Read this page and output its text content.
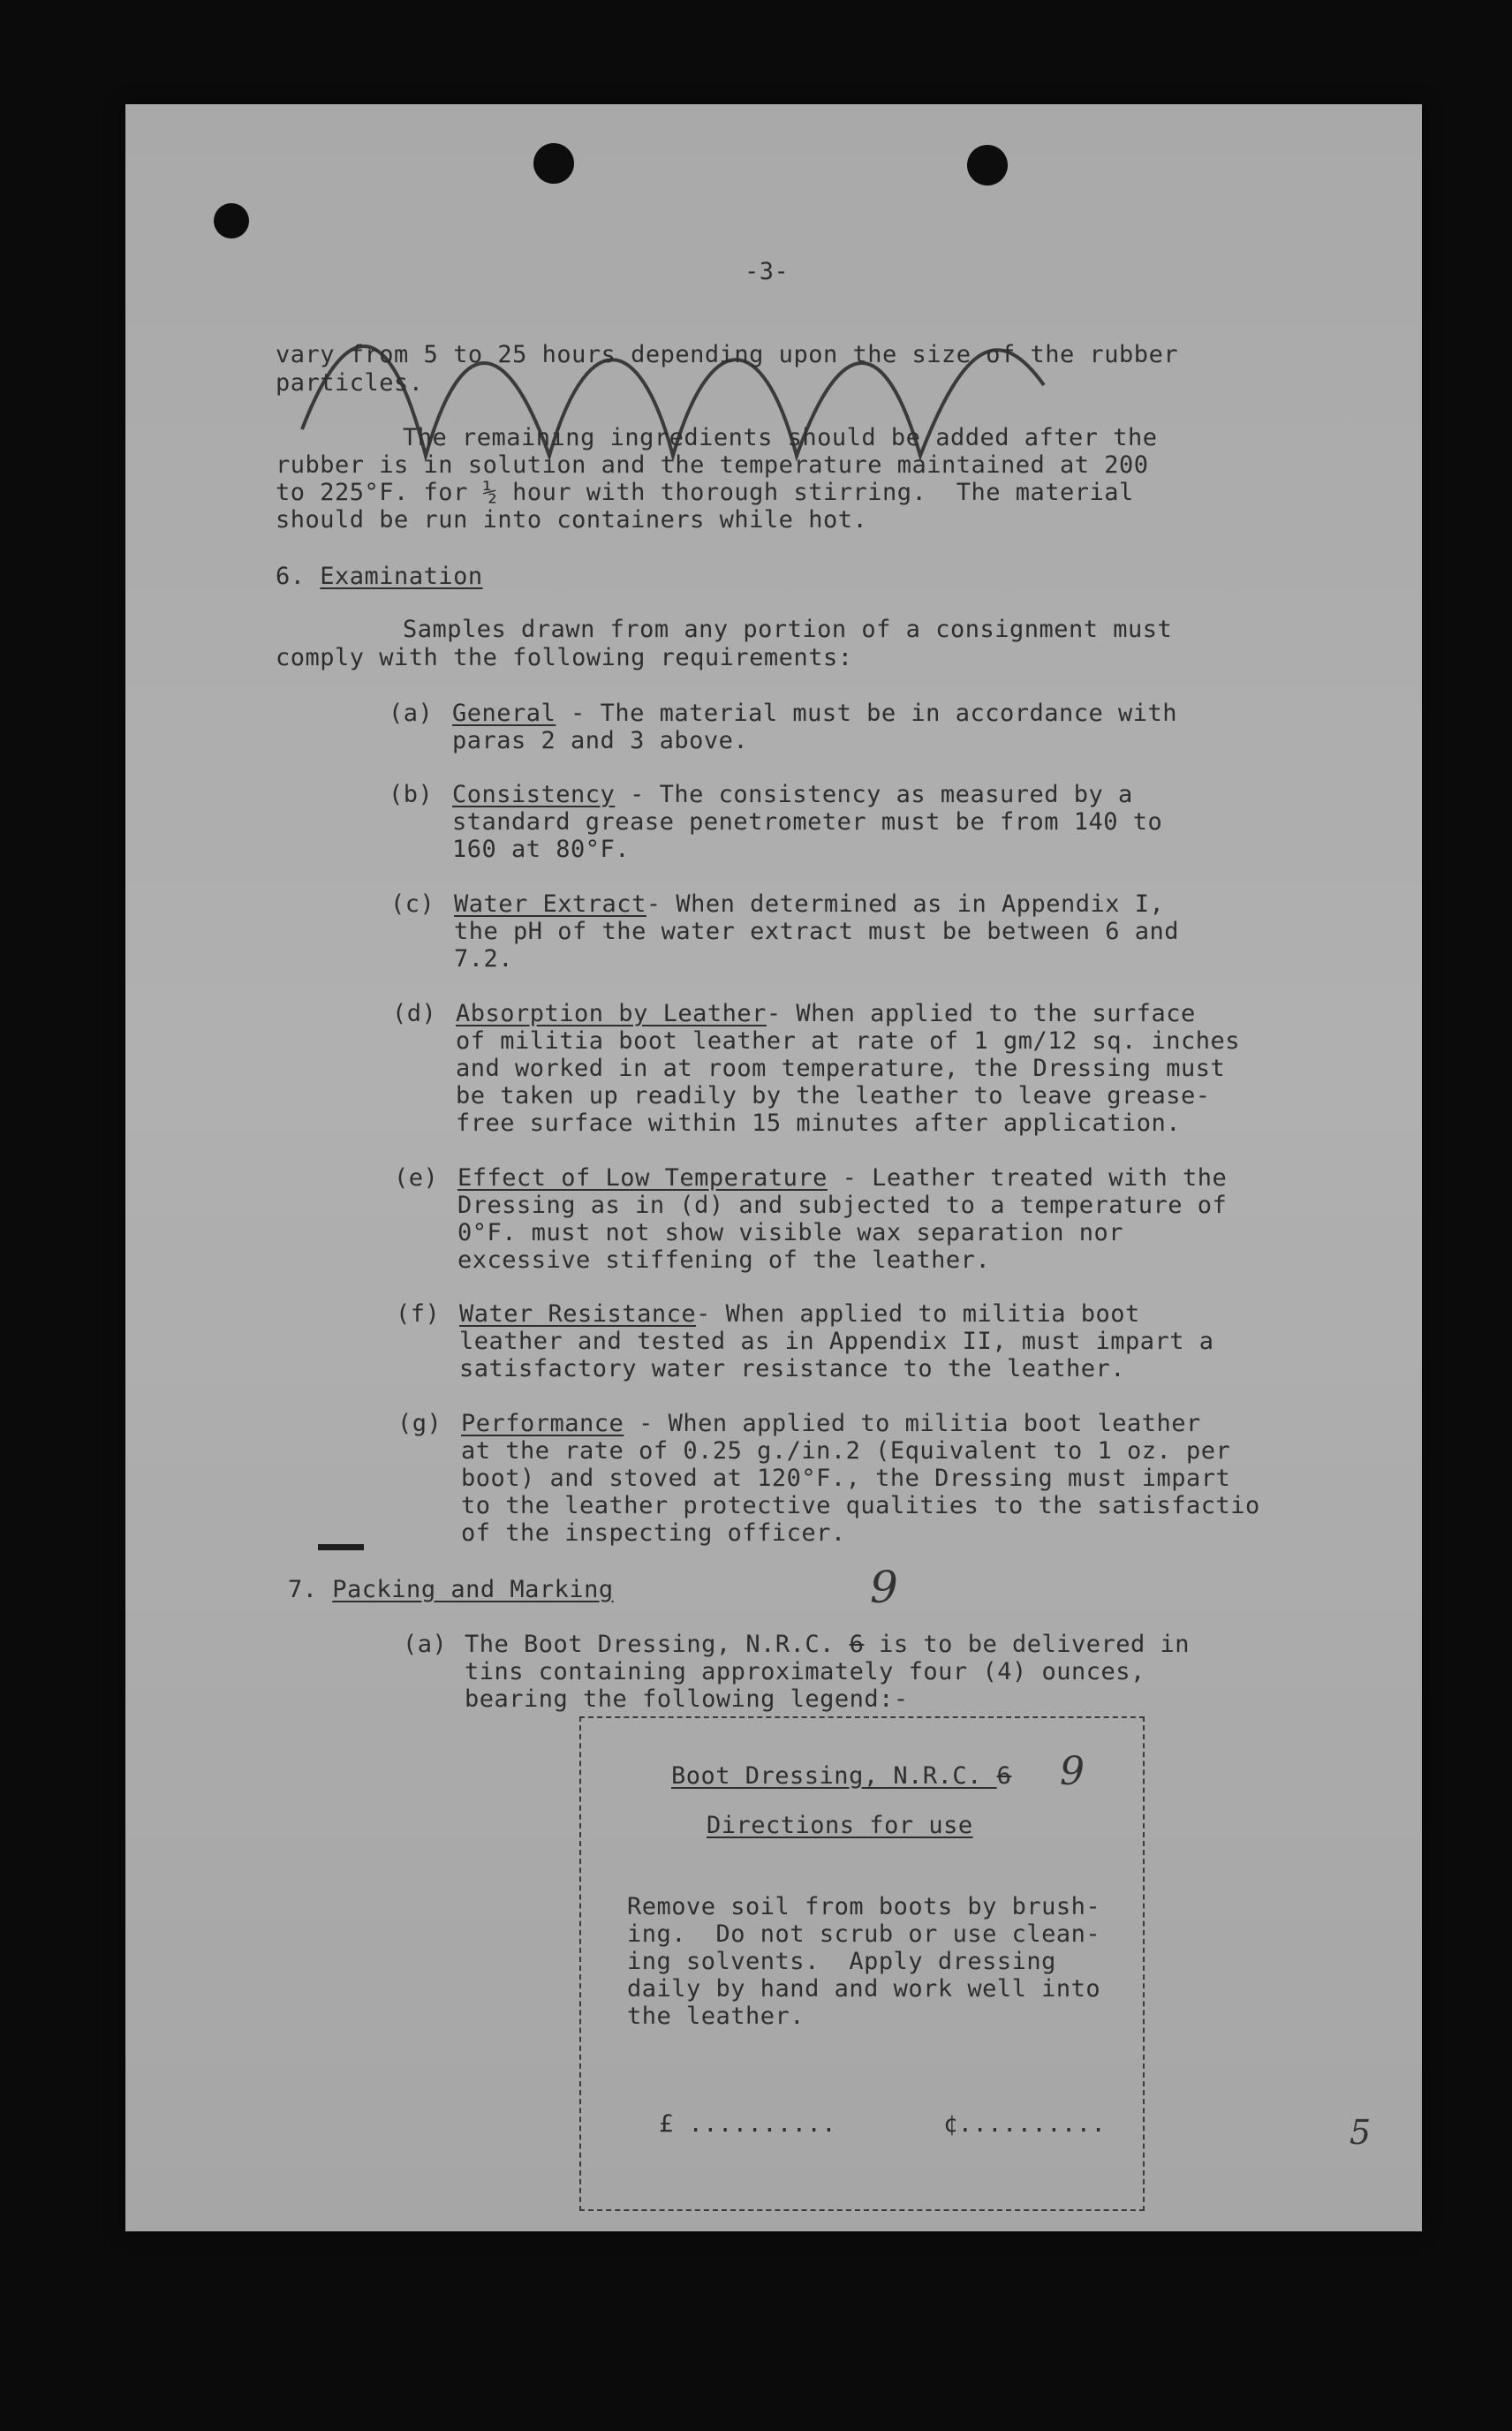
-3-
vary from 5 to 25 hours depending upon the size of the rubber
particles.
The remaining ingredients should be added after the
rubber is in solution and the temperature maintained at 200
to 225°F. for ½ hour with thorough stirring.  The material
should be run into containers while hot.
6. Examination
Samples drawn from any portion of a consignment must
comply with the following requirements:
(a) General - The material must be in accordance with
paras 2 and 3 above.
(b) Consistency - The consistency as measured by a
standard grease penetrometer must be from 140 to
160 at 80°F.
(c) Water Extract- When determined as in Appendix I,
the pH of the water extract must be between 6 and
7.2.
(d) Absorption by Leather- When applied to the surface
of militia boot leather at rate of 1 gm/12 sq. inches
and worked in at room temperature, the Dressing must
be taken up readily by the leather to leave grease-
free surface within 15 minutes after application.
(e) Effect of Low Temperature - Leather treated with the
Dressing as in (d) and subjected to a temperature of
0°F. must not show visible wax separation nor
excessive stiffening of the leather.
(f) Water Resistance- When applied to militia boot
leather and tested as in Appendix II, must impart a
satisfactory water resistance to the leather.
(g) Performance - When applied to militia boot leather
at the rate of 0.25 g./in.2 (Equivalent to 1 oz. per
boot) and stoved at 120°F., the Dressing must impart
to the leather protective qualities to the satisfactio
of the inspecting officer.
7. Packing and Marking	9
(a) The Boot Dressing, N.R.C. 6 is to be delivered in
tins containing approximately four (4) ounces,
bearing the following legend:-
Boot Dressing, N.R.C. 6 9
Directions for use
Remove soil from boots by brush-
ing.  Do not scrub or use clean-
ing solvents.  Apply dressing
daily by hand and work well into
the leather.
£ ..........	¢..........	5
